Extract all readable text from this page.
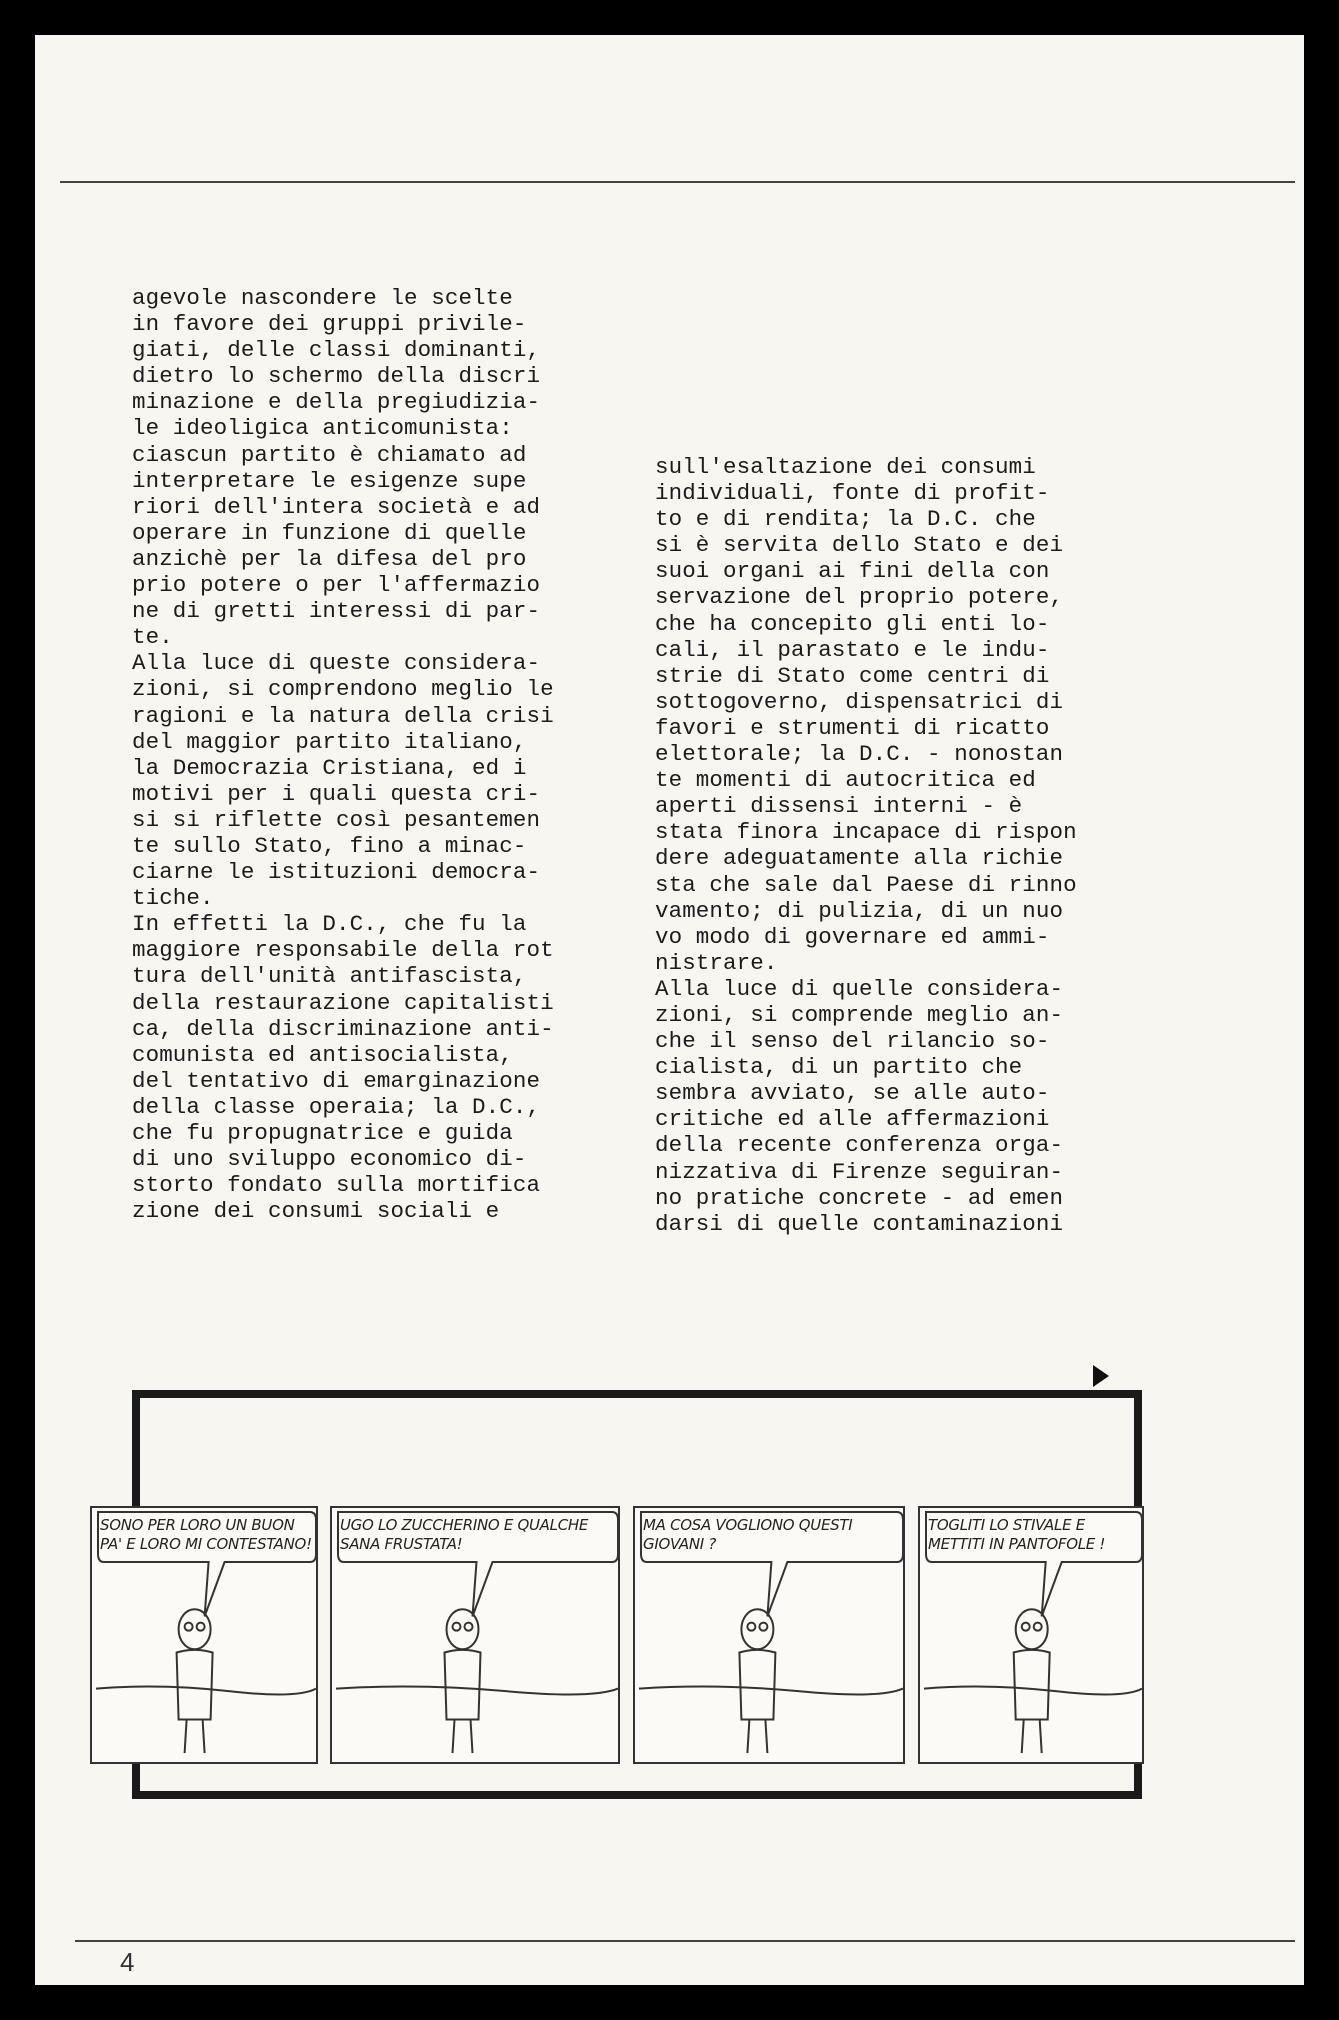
agevole nascondere le scelte
in favore dei gruppi privile-
giati, delle classi dominanti,
dietro lo schermo della discri
minazione e della pregiudizia-
le ideoligica anticomunista:
ciascun partito è chiamato ad
interpretare le esigenze supe
riori dell'intera società e ad
operare in funzione di quelle
anzichè per la difesa del pro
prio potere o per l'affermazio
ne di gretti interessi di par-
te.
Alla luce di queste considera-
zioni, si comprendono meglio le
ragioni e la natura della crisi
del maggior partito italiano,
la Democrazia Cristiana, ed i
motivi per i quali questa cri-
si si riflette così pesantemen
te sullo Stato, fino a minac-
ciarne le istituzioni democra-
tiche.
In effetti la D.C., che fu la
maggiore responsabile della rot
tura dell'unità antifascista,
della restaurazione capitalisti
ca, della discriminazione anti-
comunista ed antisocialista,
del tentativo di emarginazione
della classe operaia; la D.C.,
che fu propugnatrice e guida
di uno sviluppo economico di-
storto fondato sulla mortifica
zione dei consumi sociali e
sull'esaltazione dei consumi
individuali, fonte di profit-
to e di rendita; la D.C. che
si è servita dello Stato e dei
suoi organi ai fini della con
servazione del proprio potere,
che ha concepito gli enti lo-
cali, il parastato e le indu-
strie di Stato come centri di
sottogoverno, dispensatrici di
favori e strumenti di ricatto
elettorale; la D.C. - nonostan
te momenti di autocritica ed
aperti dissensi interni - è
stata finora incapace di rispon
dere adeguatamente alla richie
sta che sale dal Paese di rinno
vamento; di pulizia, di un nuo
vo modo di governare ed ammi-
nistrare.
Alla luce di quelle considera-
zioni, si comprende meglio an-
che il senso del rilancio so-
cialista, di un partito che
sembra avviato, se alle auto-
critiche ed alle affermazioni
della recente conferenza orga-
nizzativa di Firenze seguiran-
no pratiche concrete - ad emen
darsi di quelle contaminazioni
SONO PER LORO UN BUON
PA' E LORO MI CONTESTANO!
UGO LO ZUCCHERINO E QUALCHE
SANA FRUSTATA!
MA COSA VOGLIONO QUESTI
GIOVANI ?
TOGLITI LO STIVALE E
METTITI IN PANTOFOLE !
4
